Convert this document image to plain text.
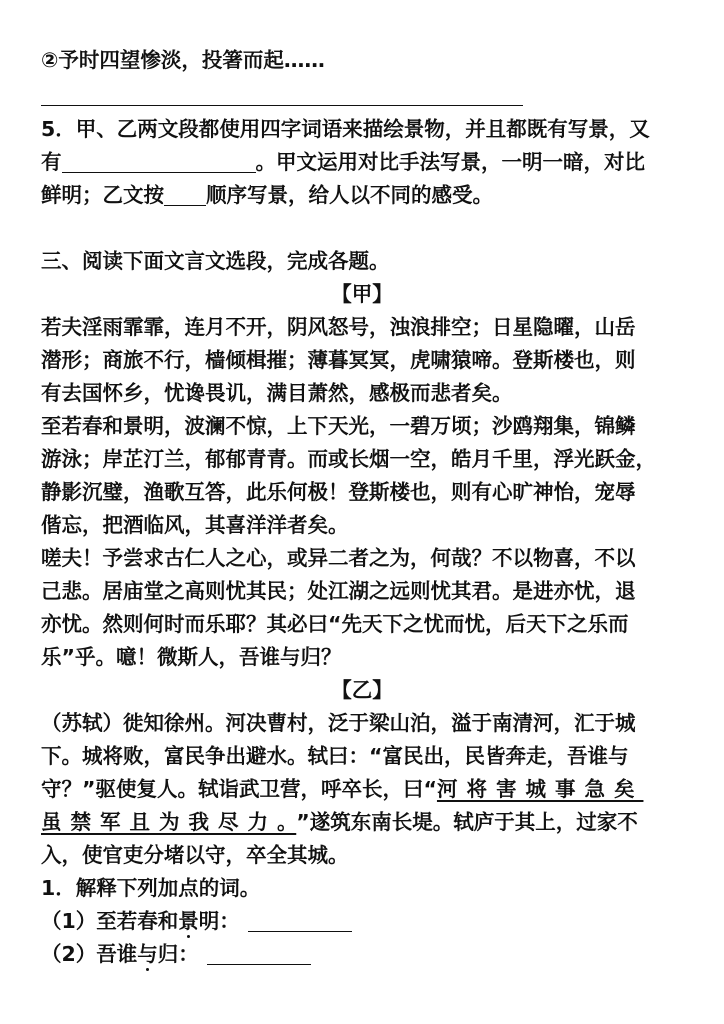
②予时四望惨淡，投箸而起……
5．甲、乙两文段都使用四字词语来描绘景物，并且都既有写景，又
有	。甲文运用对比手法写景，一明一暗，对比
鲜明；乙文按 顺序写景，给人以不同的感受。
三、阅读下面文言文选段，完成各题。
【甲】
若夫淫雨霏霏，连月不开，阴风怒号，浊浪排空；日星隐曜，山岳
潜形；商旅不行，樯倾楫摧；薄暮冥冥，虎啸猿啼。登斯楼也，则
有去国怀乡，忧谗畏讥，满目萧然，感极而悲者矣。
至若春和景明，波澜不惊，上下天光，一碧万顷；沙鸥翔集，锦鳞
游泳；岸芷汀兰，郁郁青青。而或长烟一空，皓月千里，浮光跃金，
静影沉璧，渔歌互答，此乐何极！登斯楼也，则有心旷神怡，宠辱
偕忘，把酒临风，其喜洋洋者矣。
嗟夫！予尝求古仁人之心，或异二者之为，何哉？不以物喜，不以
己悲。居庙堂之高则忧其民；处江湖之远则忧其君。是进亦忧，退
亦忧。然则何时而乐耶？其必曰“先天下之忧而忧，后天下之乐而
乐”乎。噫！微斯人，吾谁与归？
【乙】
（苏轼）徙知徐州。河决曹村，泛于梁山泊，溢于南清河，汇于城
下。城将败，富民争出避水。轼曰：“富民出，民皆奔走，吾谁与
守？”驱使复人。轼诣武卫营，呼卒长，曰“河将害城事急矣
虽禁军且为我尽力。”遂筑东南长堤。轼庐于其上，过家不
入，使官吏分堵以守，卒全其城。
1．解释下列加点的词。
（1）至若春和景明：
（2）吾谁与归：
